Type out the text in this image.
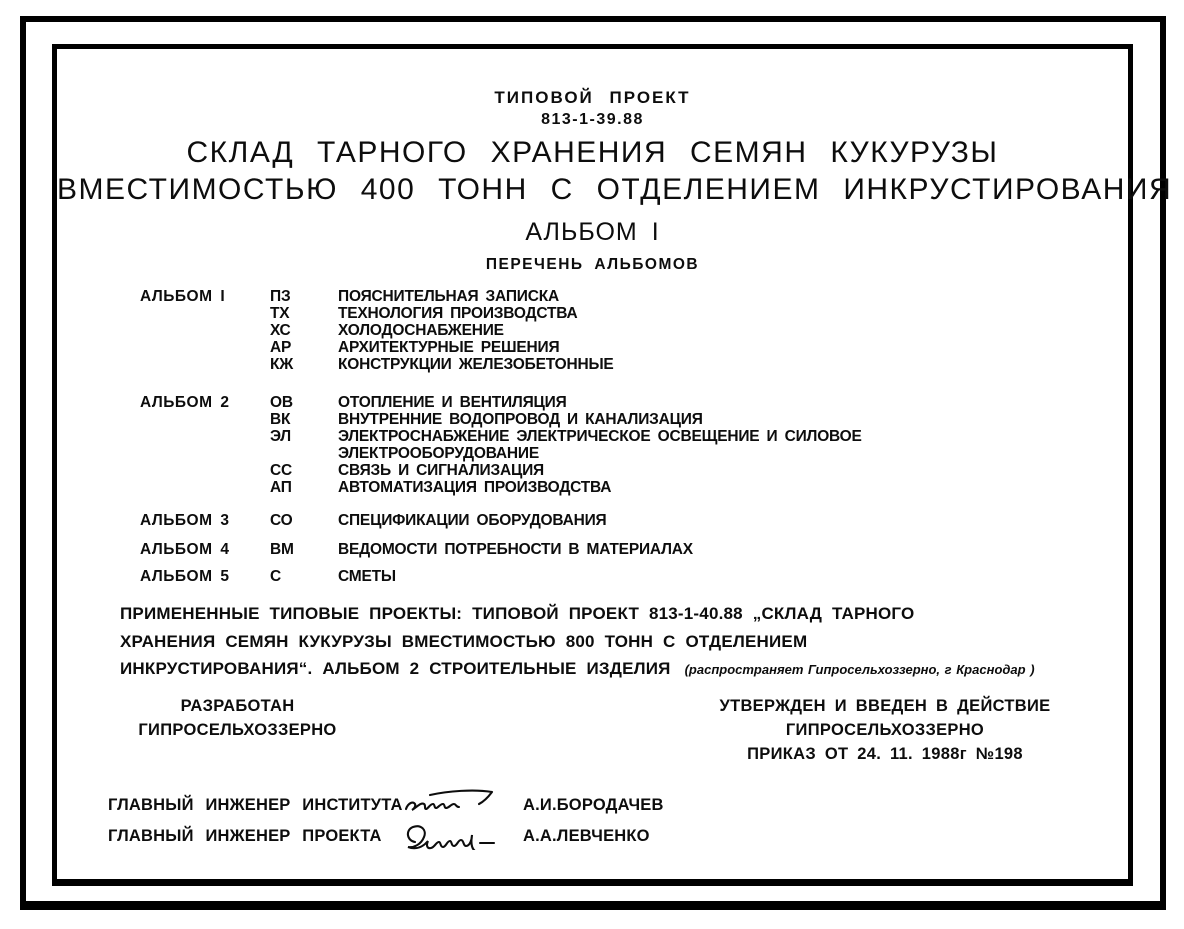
ТИПОВОЙ ПРОЕКТ
813-1-39.88
СКЛАД ТАРНОГО ХРАНЕНИЯ СЕМЯН КУКУРУЗЫ
ВМЕСТИМОСТЬЮ 400 ТОНН С ОТДЕЛЕНИЕМ ИНКРУСТИРОВАНИЯ
АЛЬБОМ I
ПЕРЕЧЕНЬ АЛЬБОМОВ
АЛЬБОМ I	ПЗ	ПОЯСНИТЕЛЬНАЯ ЗАПИСКА
ТХ	ТЕХНОЛОГИЯ ПРОИЗВОДСТВА
ХС	ХОЛОДОСНАБЖЕНИЕ
АР	АРХИТЕКТУРНЫЕ РЕШЕНИЯ
КЖ	КОНСТРУКЦИИ ЖЕЛЕЗОБЕТОННЫЕ
АЛЬБОМ 2	ОВ	ОТОПЛЕНИЕ И ВЕНТИЛЯЦИЯ
ВК	ВНУТРЕННИЕ ВОДОПРОВОД И КАНАЛИЗАЦИЯ
ЭЛ	ЭЛЕКТРОСНАБЖЕНИЕ ЭЛЕКТРИЧЕСКОЕ ОСВЕЩЕНИЕ И СИЛОВОЕ
ЭЛЕКТРООБОРУДОВАНИЕ
СС	СВЯЗЬ И СИГНАЛИЗАЦИЯ
АП	АВТОМАТИЗАЦИЯ ПРОИЗВОДСТВА
АЛЬБОМ 3	СО	СПЕЦИФИКАЦИИ ОБОРУДОВАНИЯ
АЛЬБОМ 4	ВМ	ВЕДОМОСТИ ПОТРЕБНОСТИ В МАТЕРИАЛАХ
АЛЬБОМ 5	С	СМЕТЫ
ПРИМЕНЕННЫЕ ТИПОВЫЕ ПРОЕКТЫ: ТИПОВОЙ ПРОЕКТ 813-1-40.88 „СКЛАД ТАРНОГО
ХРАНЕНИЯ СЕМЯН КУКУРУЗЫ ВМЕСТИМОСТЬЮ 800 ТОНН С ОТДЕЛЕНИЕМ
ИНКРУСТИРОВАНИЯ“. АЛЬБОМ 2 СТРОИТЕЛЬНЫЕ ИЗДЕЛИЯ (распространяет Гипросельхоззерно, г Краснодар )
РАЗРАБОТАН
ГИПРОСЕЛЬХОЗЗЕРНО
УТВЕРЖДЕН И ВВЕДЕН В ДЕЙСТВИЕ
ГИПРОСЕЛЬХОЗЗЕРНО
ПРИКАЗ ОТ 24. 11. 1988г №198
ГЛАВНЫЙ ИНЖЕНЕР ИНСТИТУТА	А.И.БОРОДАЧЕВ
ГЛАВНЫЙ ИНЖЕНЕР ПРОЕКТА	А.А.ЛЕВЧЕНКО
